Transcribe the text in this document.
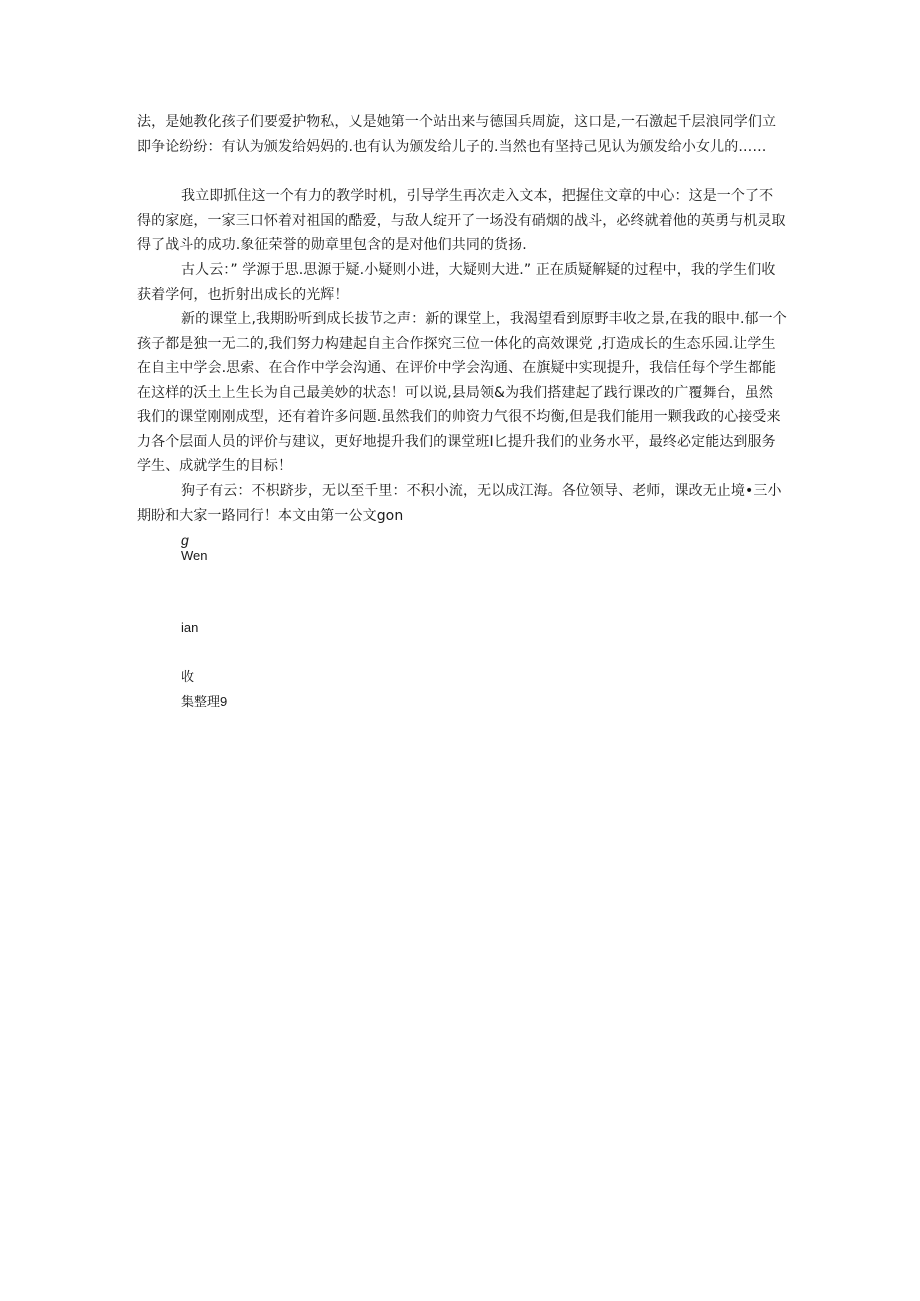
法，是她教化孩子们要爱护物私，乂是她第一个站出来与德国兵周旋，这口是,一石激起千层浪同学们立即争论纷纷：有认为颁发给妈妈的.也有认为颁发给儿子的.当然也有坚持己见认为颁发给小女儿的……

我立即抓住这一个有力的教学时机，引导学生再次走入文本，把握住文章的中心：这是一个了不得的家庭，一家三口怀着对祖国的酷爱，与敌人绽开了一场没有硝烟的战斗，必终就着他的英勇与机灵取得了战斗的成功.象征荣誉的勋章里包含的是对他们共同的货扬.

古人云：” 学源于思.思源于疑.小疑则小进，大疑则大进.” 正在质疑解疑的过程中，我的学生们收获着学何，也折射出成长的光辉！

新的课堂上,我期盼听到成长拔节之声：新的课堂上，我渴望看到原野丰收之景,在我的眼中.郁一个孩子都是独一无二的,我们努力构建起自主合作探究三位一体化的高效课党 ,打造成长的生态乐园.让学生在自主中学会.思索、在合作中学会沟通、在评价中学会沟通、在旗疑中实现提升，我信任每个学生都能在这样的沃土上生长为自己最美妙的状态！可以说,县局领&为我们搭建起了践行课改的广覆舞台，虽然我们的课堂刚刚成型，还有着许多问题.虽然我们的帅资力气很不均衡,但是我们能用一颗我政的心接受来力各个层面人员的评价与建议，更好地提升我们的课堂班I匕提升我们的业务水平，最终必定能达到服务学生、成就学生的目标！

狗子有云：不枳跻步，无以至千里：不积小流，无以成江海。各位领导、老师，课改无止境•三小期盼和大家一路同行！本文由第一公文gon

g

Wen

ian

收

集整理9
